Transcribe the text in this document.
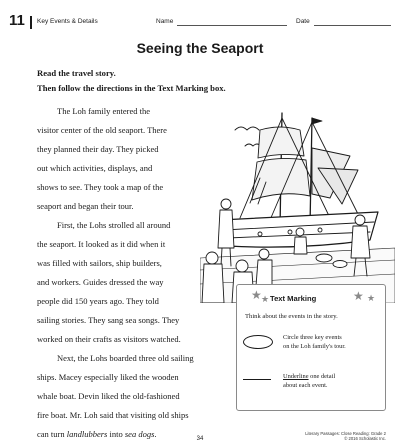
11 Key Events & Details	Name	Date
Seeing the Seaport
Read the travel story.
Then follow the directions in the Text Marking box.
The Loh family entered the
visitor center of the old seaport. There
they planned their day. They picked
out which activities, displays, and
shows to see. They took a map of the
seaport and began their tour.
First, the Lohs strolled all around
the seaport. It looked as it did when it
was filled with sailors, ship builders,
and workers. Guides dressed the way
people did 150 years ago. They told
sailing stories. They sang sea songs. They
worked on their crafts as visitors watched.
Next, the Lohs boarded three old sailing
ships. Macey especially liked the wooden
whale boat. Devin liked the old-fashioned
fire boat. Mr. Loh said that visiting old ships
can turn landlubbers into sea dogs.
★ ★	★ ★
Text Marking
Think about the events in the story.
Circle three key events
on the Loh family's tour.
Underline one detail
about each event.
34
Literary Passages: Close Reading: Grade 2
© 2016 Scholastic Inc.
